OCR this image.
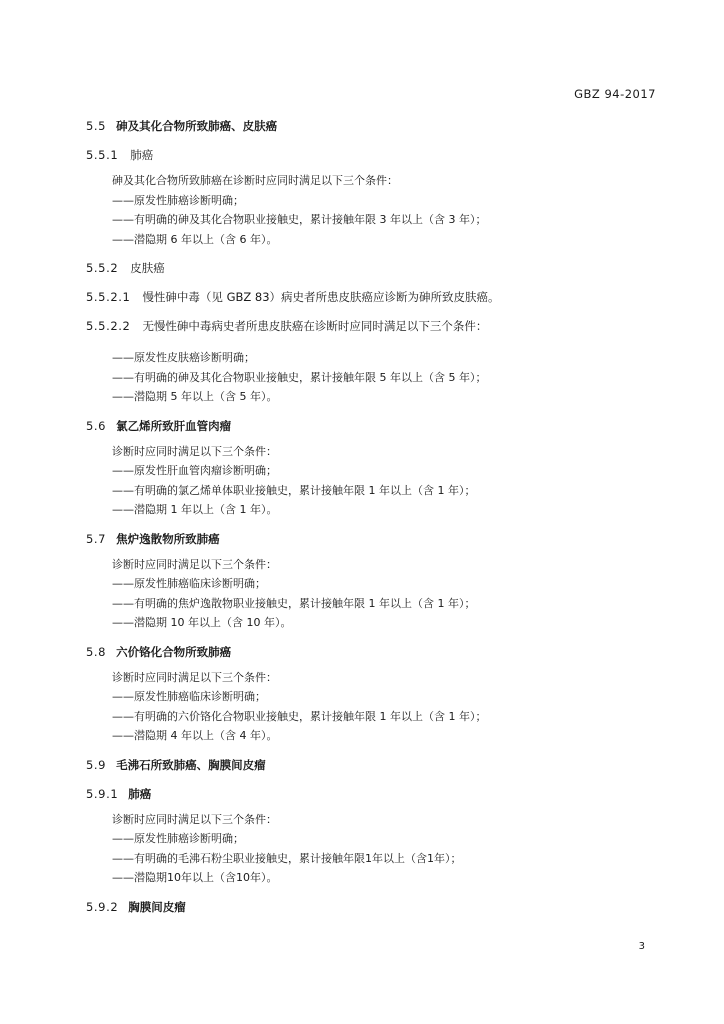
GBZ 94-2017
5.5 砷及其化合物所致肺癌、皮肤癌
5.5.1 肺癌
砷及其化合物所致肺癌在诊断时应同时满足以下三个条件：
——原发性肺癌诊断明确；
——有明确的砷及其化合物职业接触史，累计接触年限 3 年以上（含 3 年）；
——潜隐期 6 年以上（含 6 年）。
5.5.2 皮肤癌
5.5.2.1 慢性砷中毒（见 GBZ 83）病史者所患皮肤癌应诊断为砷所致皮肤癌。
5.5.2.2 无慢性砷中毒病史者所患皮肤癌在诊断时应同时满足以下三个条件：
——原发性皮肤癌诊断明确；
——有明确的砷及其化合物职业接触史，累计接触年限 5 年以上（含 5 年）；
——潜隐期 5 年以上（含 5 年）。
5.6 氯乙烯所致肝血管肉瘤
诊断时应同时满足以下三个条件：
——原发性肝血管肉瘤诊断明确；
——有明确的氯乙烯单体职业接触史，累计接触年限 1 年以上（含 1 年）；
——潜隐期 1 年以上（含 1 年）。
5.7 焦炉逸散物所致肺癌
诊断时应同时满足以下三个条件：
——原发性肺癌临床诊断明确；
——有明确的焦炉逸散物职业接触史，累计接触年限 1 年以上（含 1 年）；
——潜隐期 10 年以上（含 10 年）。
5.8 六价铬化合物所致肺癌
诊断时应同时满足以下三个条件：
——原发性肺癌临床诊断明确；
——有明确的六价铬化合物职业接触史，累计接触年限 1 年以上（含 1 年）；
——潜隐期 4 年以上（含 4 年）。
5.9 毛沸石所致肺癌、胸膜间皮瘤
5.9.1 肺癌
诊断时应同时满足以下三个条件：
——原发性肺癌诊断明确；
——有明确的毛沸石粉尘职业接触史，累计接触年限1年以上（含1年）；
——潜隐期10年以上（含10年）。
5.9.2 胸膜间皮瘤
3
